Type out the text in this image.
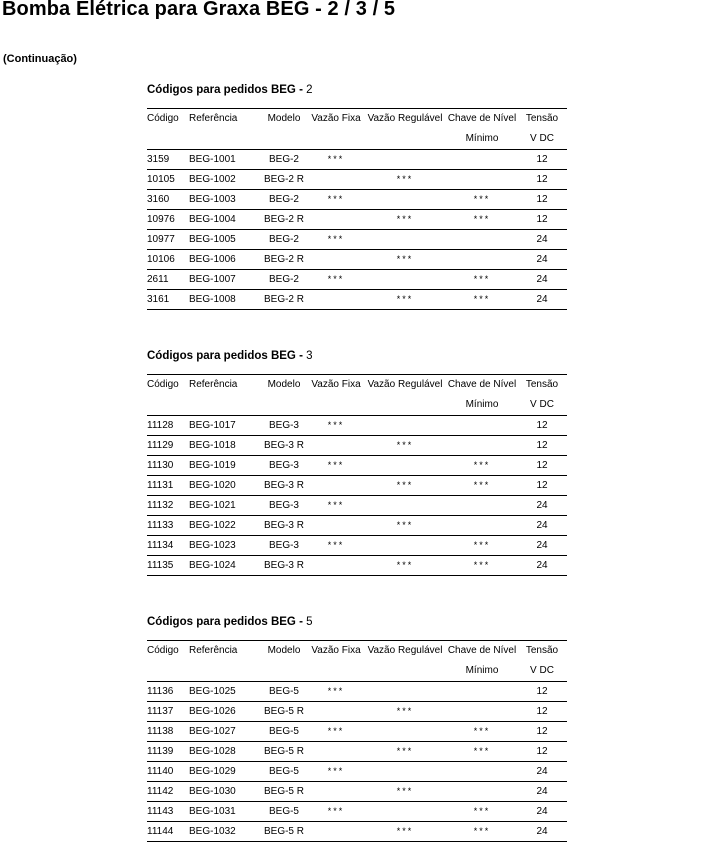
Bomba Elétrica para Graxa BEG - 2 / 3 / 5
(Continuação)
Códigos para pedidos BEG - 2
Código	Referência	Modelo	Vazão Fixa	Vazão Regulável	Chave de Nível	Tensão
					Mínimo	V DC
3159	BEG-1001	BEG-2	***			12
10105	BEG-1002	BEG-2 R		***		12
3160	BEG-1003	BEG-2	***		***	12
10976	BEG-1004	BEG-2 R		***	***	12
10977	BEG-1005	BEG-2	***			24
10106	BEG-1006	BEG-2 R		***		24
2611	BEG-1007	BEG-2	***		***	24
3161	BEG-1008	BEG-2 R		***	***	24
Códigos para pedidos BEG - 3
Código	Referência	Modelo	Vazão Fixa	Vazão Regulável	Chave de Nível	Tensão
					Mínimo	V DC
11128	BEG-1017	BEG-3	***			12
11129	BEG-1018	BEG-3 R		***		12
11130	BEG-1019	BEG-3	***		***	12
11131	BEG-1020	BEG-3 R		***	***	12
11132	BEG-1021	BEG-3	***			24
11133	BEG-1022	BEG-3 R		***		24
11134	BEG-1023	BEG-3	***		***	24
11135	BEG-1024	BEG-3 R		***	***	24
Códigos para pedidos BEG - 5
Código	Referência	Modelo	Vazão Fixa	Vazão Regulável	Chave de Nível	Tensão
					Mínimo	V DC
11136	BEG-1025	BEG-5	***			12
11137	BEG-1026	BEG-5 R		***		12
11138	BEG-1027	BEG-5	***		***	12
11139	BEG-1028	BEG-5 R		***	***	12
11140	BEG-1029	BEG-5	***			24
11142	BEG-1030	BEG-5 R		***		24
11143	BEG-1031	BEG-5	***		***	24
11144	BEG-1032	BEG-5 R		***	***	24
